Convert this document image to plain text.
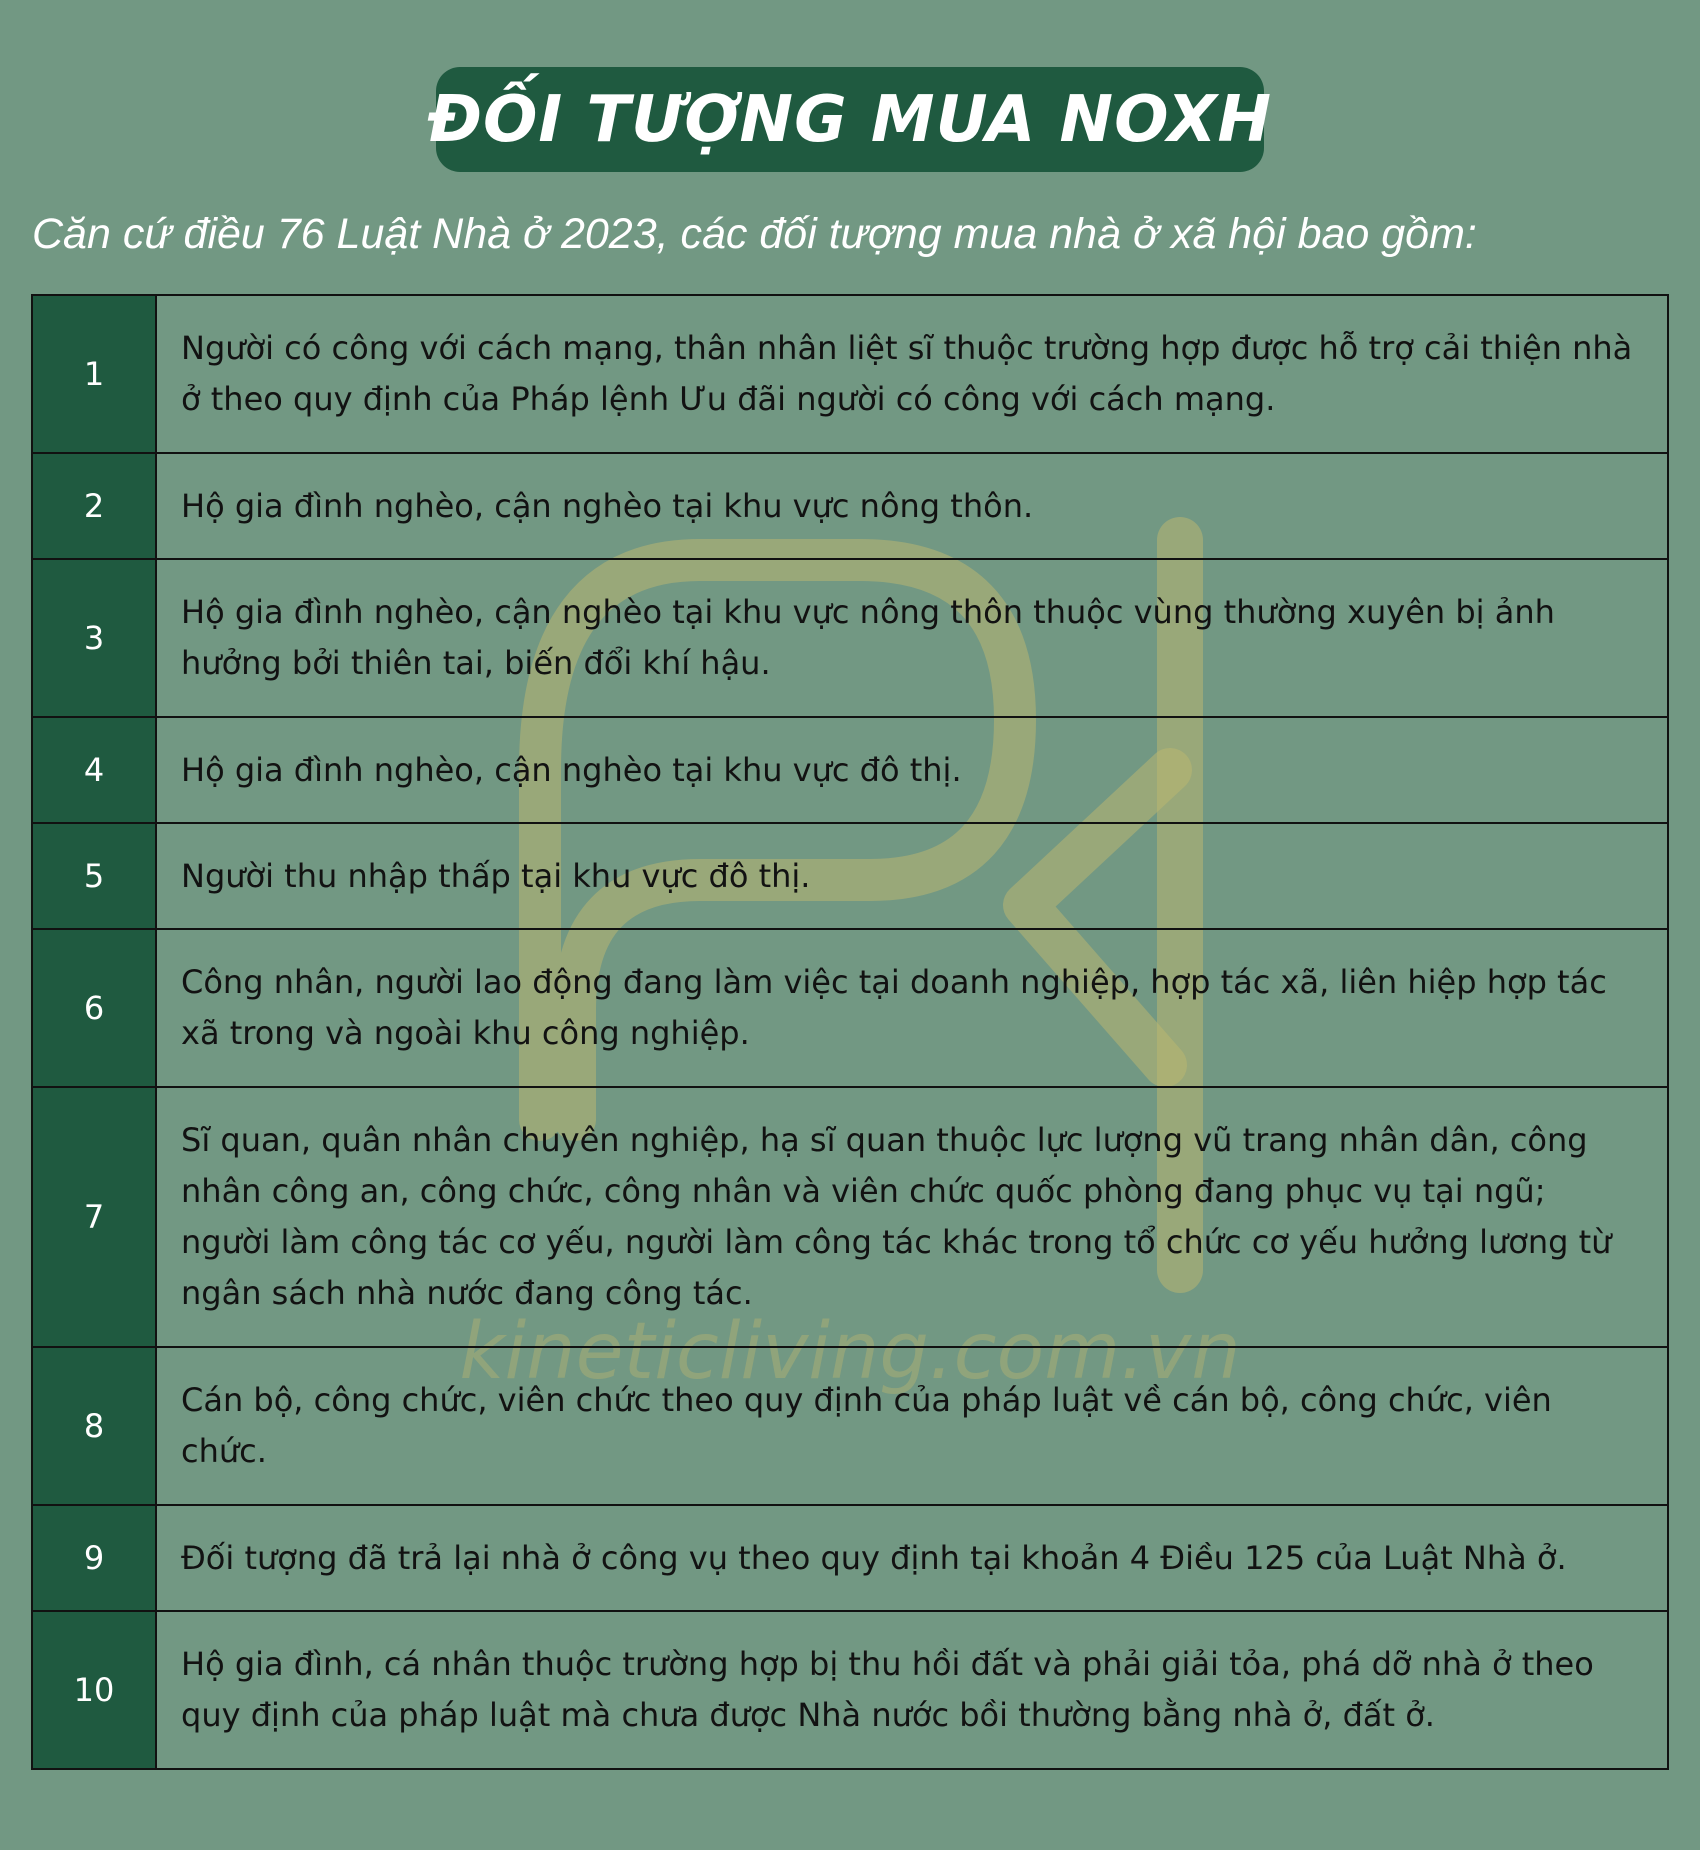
kineticliving.com.vn
ĐỐI TƯỢNG MUA NOXH
Căn cứ điều 76 Luật Nhà ở 2023, các đối tượng mua nhà ở xã hội bao gồm:
1	Người có công với cách mạng, thân nhân liệt sĩ thuộc trường hợp được hỗ trợ cải thiện nhà ở theo quy định của Pháp lệnh Ưu đãi người có công với cách mạng.
2	Hộ gia đình nghèo, cận nghèo tại khu vực nông thôn.
3	Hộ gia đình nghèo, cận nghèo tại khu vực nông thôn thuộc vùng thường xuyên bị ảnh hưởng bởi thiên tai, biến đổi khí hậu.
4	Hộ gia đình nghèo, cận nghèo tại khu vực đô thị.
5	Người thu nhập thấp tại khu vực đô thị.
6	Công nhân, người lao động đang làm việc tại doanh nghiệp, hợp tác xã, liên hiệp hợp tác xã trong và ngoài khu công nghiệp.
7	Sĩ quan, quân nhân chuyên nghiệp, hạ sĩ quan thuộc lực lượng vũ trang nhân dân, công nhân công an, công chức, công nhân và viên chức quốc phòng đang phục vụ tại ngũ; người làm công tác cơ yếu, người làm công tác khác trong tổ chức cơ yếu hưởng lương từ ngân sách nhà nước đang công tác.
8	Cán bộ, công chức, viên chức theo quy định của pháp luật về cán bộ, công chức, viên chức.
9	Đối tượng đã trả lại nhà ở công vụ theo quy định tại khoản 4 Điều 125 của Luật Nhà ở.
10	Hộ gia đình, cá nhân thuộc trường hợp bị thu hồi đất và phải giải tỏa, phá dỡ nhà ở theo quy định của pháp luật mà chưa được Nhà nước bồi thường bằng nhà ở, đất ở.
